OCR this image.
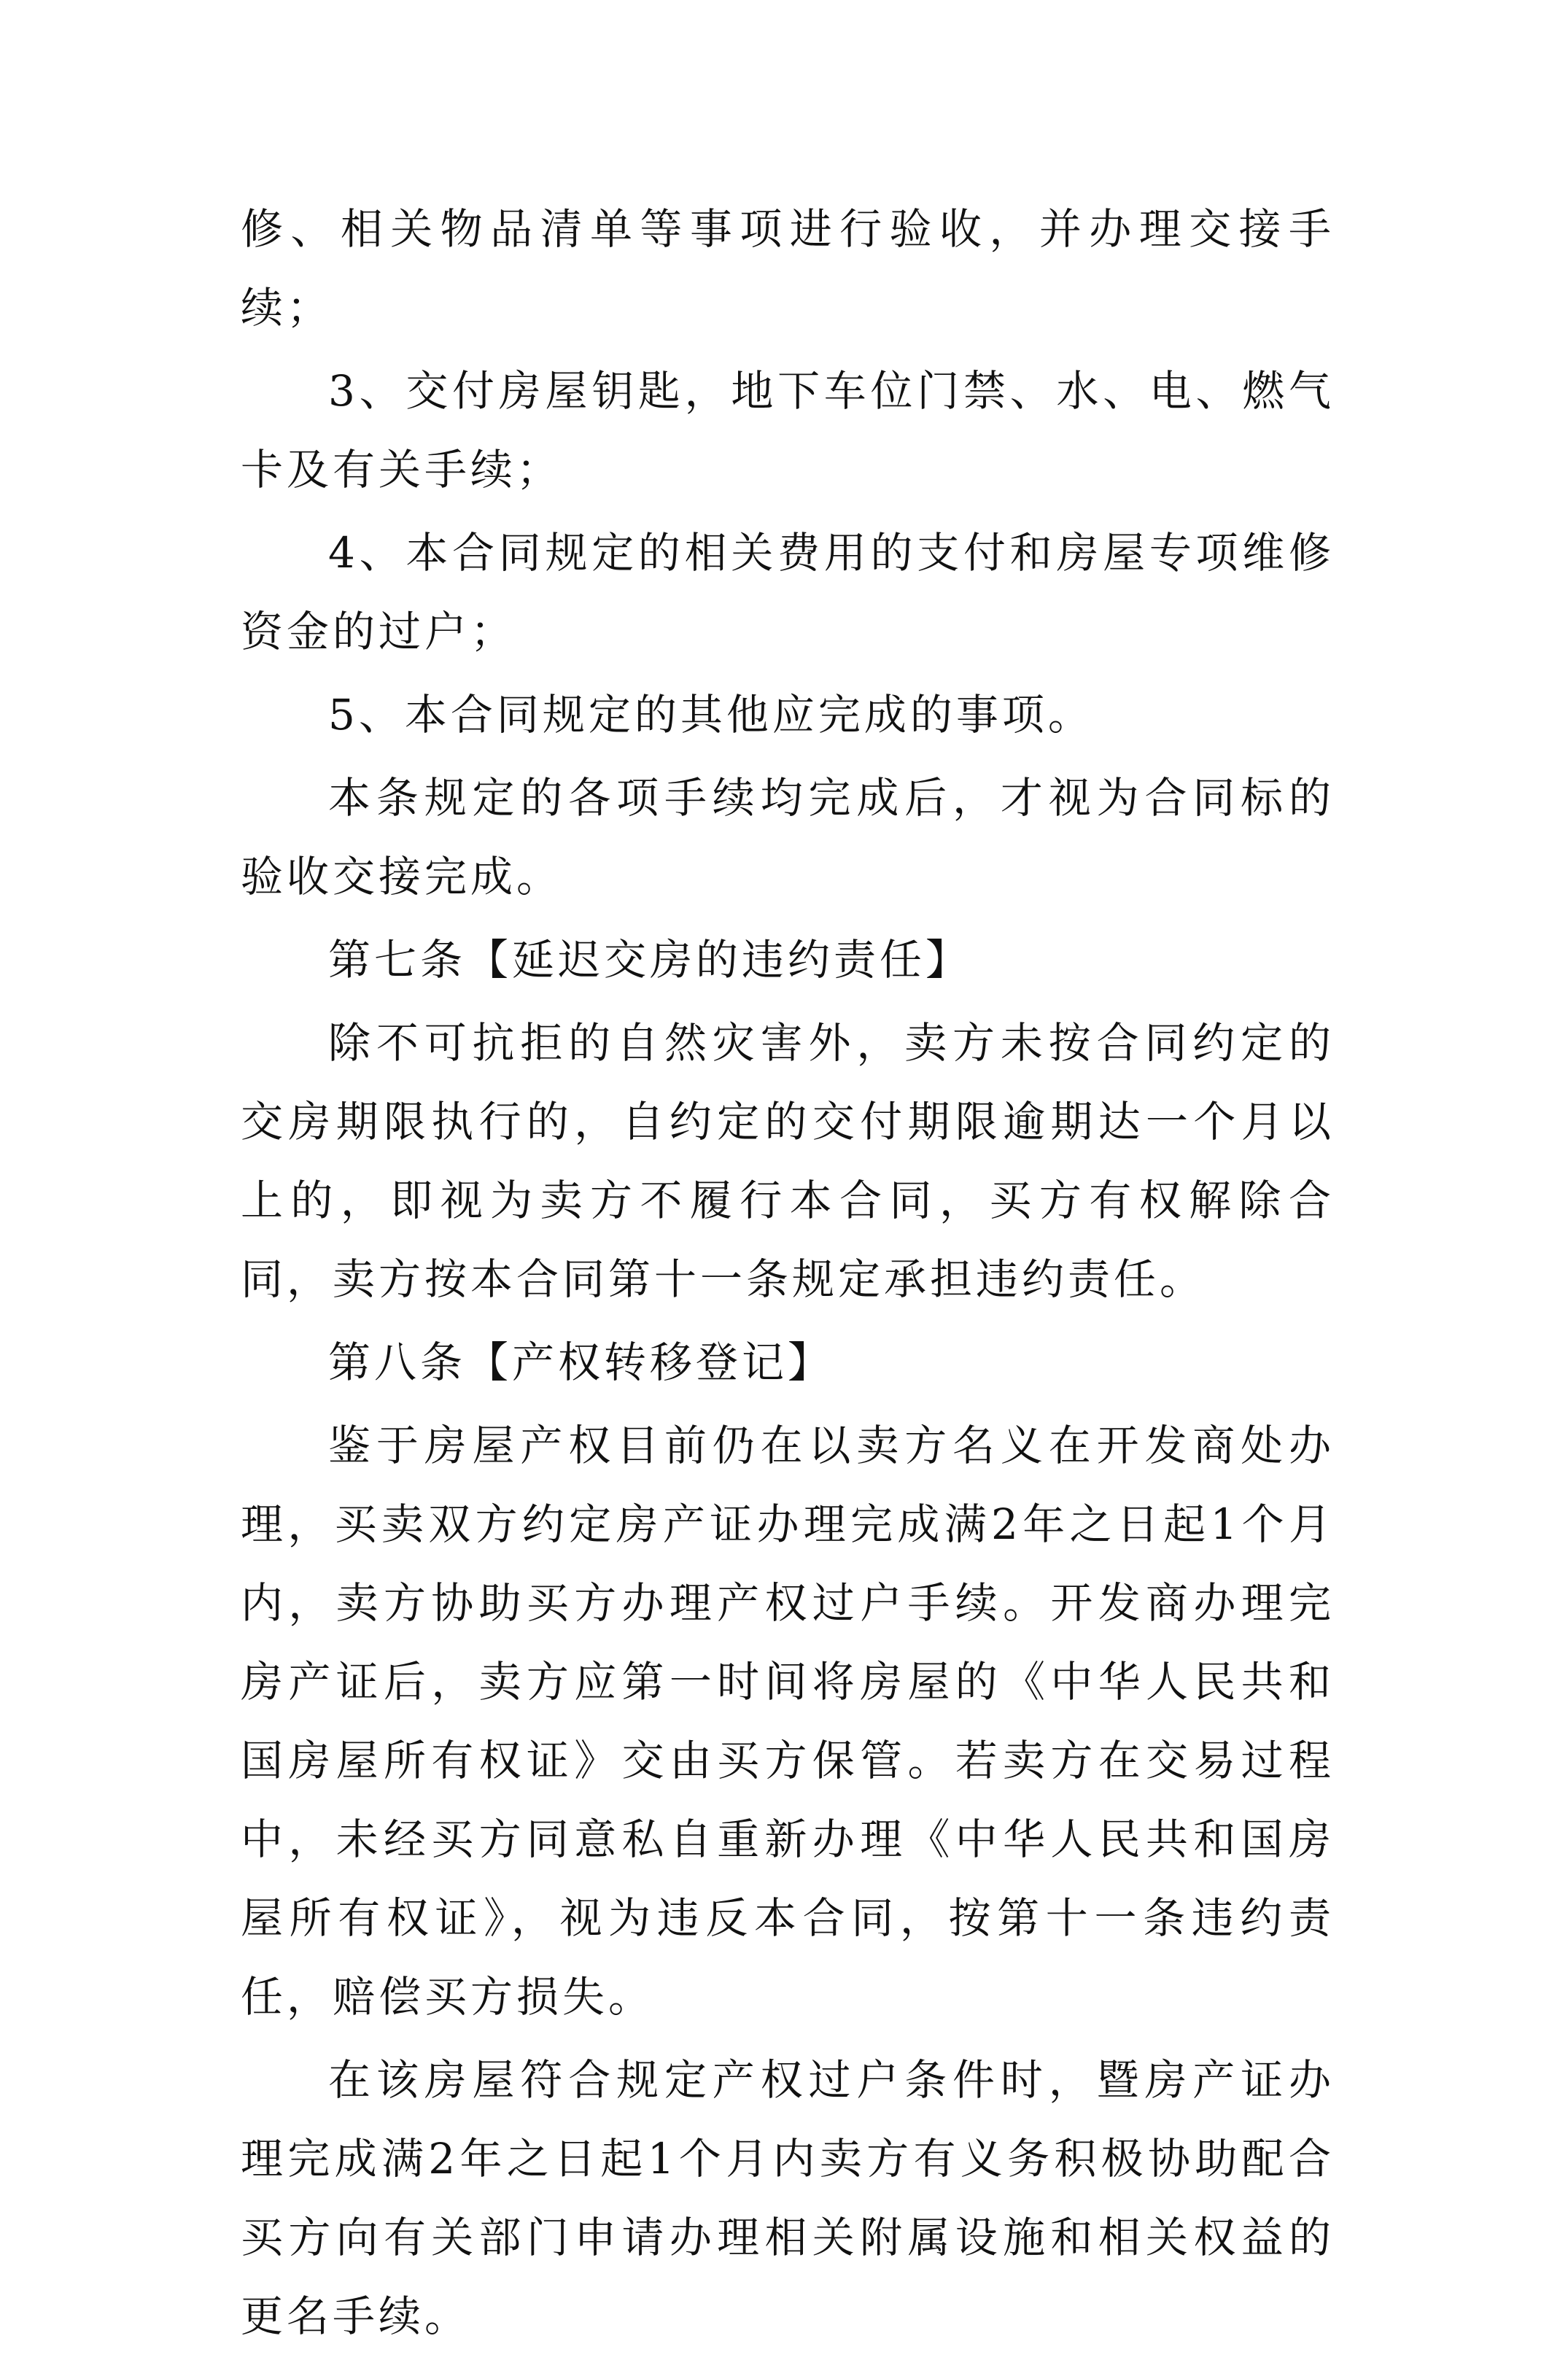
修、相关物品清单等事项进行验收，并办理交接手续；

3、交付房屋钥匙，地下车位门禁、水、电、燃气卡及有关手续；

4、本合同规定的相关费用的支付和房屋专项维修资金的过户；

5、本合同规定的其他应完成的事项。

本条规定的各项手续均完成后，才视为合同标的验收交接完成。

第七条【延迟交房的违约责任】

除不可抗拒的自然灾害外，卖方未按合同约定的交房期限执行的，自约定的交付期限逾期达一个月以上的，即视为卖方不履行本合同，买方有权解除合同，卖方按本合同第十一条规定承担违约责任。

第八条【产权转移登记】

鉴于房屋产权目前仍在以卖方名义在开发商处办理，买卖双方约定房产证办理完成满2年之日起1个月内，卖方协助买方办理产权过户手续。开发商办理完房产证后，卖方应第一时间将房屋的《中华人民共和国房屋所有权证》交由买方保管。若卖方在交易过程中，未经买方同意私自重新办理《中华人民共和国房屋所有权证》，视为违反本合同，按第十一条违约责任，赔偿买方损失。

在该房屋符合规定产权过户条件时，暨房产证办理完成满2年之日起1个月内卖方有义务积极协助配合买方向有关部门申请办理相关附属设施和相关权益的更名手续。
